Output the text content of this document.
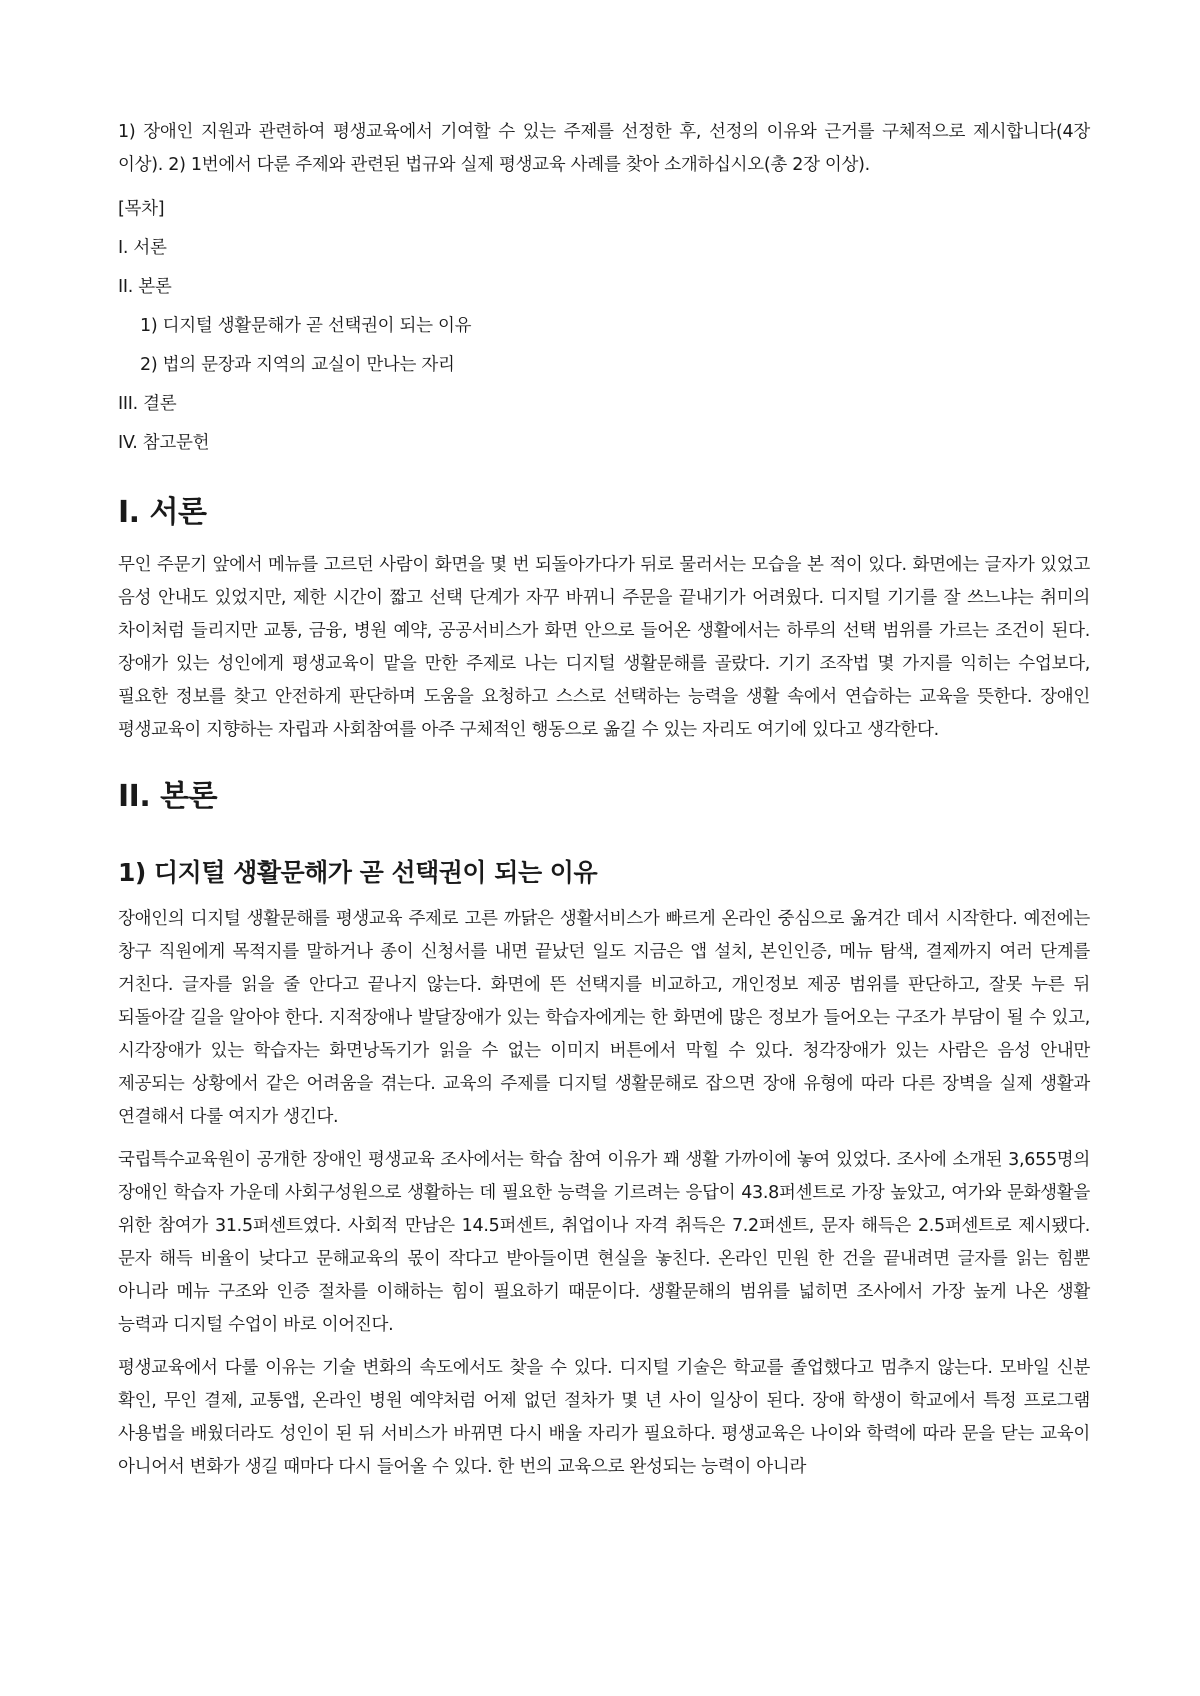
1) 장애인 지원과 관련하여 평생교육에서 기여할 수 있는 주제를 선정한 후, 선정의 이유와 근거를 구체적으로 제시합니다(4장 이상). 2) 1번에서 다룬 주제와 관련된 법규와 실제 평생교육 사례를 찾아 소개하십시오(총 2장 이상).

[목차]
I. 서론
II. 본론
1) 디지털 생활문해가 곧 선택권이 되는 이유
2) 법의 문장과 지역의 교실이 만나는 자리
III. 결론
IV. 참고문헌
I. 서론

무인 주문기 앞에서 메뉴를 고르던 사람이 화면을 몇 번 되돌아가다가 뒤로 물러서는 모습을 본 적이 있다. 화면에는 글자가 있었고 음성 안내도 있었지만, 제한 시간이 짧고 선택 단계가 자꾸 바뀌니 주문을 끝내기가 어려웠다. 디지털 기기를 잘 쓰느냐는 취미의 차이처럼 들리지만 교통, 금융, 병원 예약, 공공서비스가 화면 안으로 들어온 생활에서는 하루의 선택 범위를 가르는 조건이 된다. 장애가 있는 성인에게 평생교육이 맡을 만한 주제로 나는 디지털 생활문해를 골랐다. 기기 조작법 몇 가지를 익히는 수업보다, 필요한 정보를 찾고 안전하게 판단하며 도움을 요청하고 스스로 선택하는 능력을 생활 속에서 연습하는 교육을 뜻한다. 장애인 평생교육이 지향하는 자립과 사회참여를 아주 구체적인 행동으로 옮길 수 있는 자리도 여기에 있다고 생각한다.

II. 본론
1) 디지털 생활문해가 곧 선택권이 되는 이유

장애인의 디지털 생활문해를 평생교육 주제로 고른 까닭은 생활서비스가 빠르게 온라인 중심으로 옮겨간 데서 시작한다. 예전에는 창구 직원에게 목적지를 말하거나 종이 신청서를 내면 끝났던 일도 지금은 앱 설치, 본인인증, 메뉴 탐색, 결제까지 여러 단계를 거친다. 글자를 읽을 줄 안다고 끝나지 않는다. 화면에 뜬 선택지를 비교하고, 개인정보 제공 범위를 판단하고, 잘못 누른 뒤 되돌아갈 길을 알아야 한다. 지적장애나 발달장애가 있는 학습자에게는 한 화면에 많은 정보가 들어오는 구조가 부담이 될 수 있고, 시각장애가 있는 학습자는 화면낭독기가 읽을 수 없는 이미지 버튼에서 막힐 수 있다. 청각장애가 있는 사람은 음성 안내만 제공되는 상황에서 같은 어려움을 겪는다. 교육의 주제를 디지털 생활문해로 잡으면 장애 유형에 따라 다른 장벽을 실제 생활과 연결해서 다룰 여지가 생긴다.

국립특수교육원이 공개한 장애인 평생교육 조사에서는 학습 참여 이유가 꽤 생활 가까이에 놓여 있었다. 조사에 소개된 3,655명의 장애인 학습자 가운데 사회구성원으로 생활하는 데 필요한 능력을 기르려는 응답이 43.8퍼센트로 가장 높았고, 여가와 문화생활을 위한 참여가 31.5퍼센트였다. 사회적 만남은 14.5퍼센트, 취업이나 자격 취득은 7.2퍼센트, 문자 해득은 2.5퍼센트로 제시됐다. 문자 해득 비율이 낮다고 문해교육의 몫이 작다고 받아들이면 현실을 놓친다. 온라인 민원 한 건을 끝내려면 글자를 읽는 힘뿐 아니라 메뉴 구조와 인증 절차를 이해하는 힘이 필요하기 때문이다. 생활문해의 범위를 넓히면 조사에서 가장 높게 나온 생활 능력과 디지털 수업이 바로 이어진다.

평생교육에서 다룰 이유는 기술 변화의 속도에서도 찾을 수 있다. 디지털 기술은 학교를 졸업했다고 멈추지 않는다. 모바일 신분 확인, 무인 결제, 교통앱, 온라인 병원 예약처럼 어제 없던 절차가 몇 년 사이 일상이 된다. 장애 학생이 학교에서 특정 프로그램 사용법을 배웠더라도 성인이 된 뒤 서비스가 바뀌면 다시 배울 자리가 필요하다. 평생교육은 나이와 학력에 따라 문을 닫는 교육이 아니어서 변화가 생길 때마다 다시 들어올 수 있다. 한 번의 교육으로 완성되는 능력이 아니라
